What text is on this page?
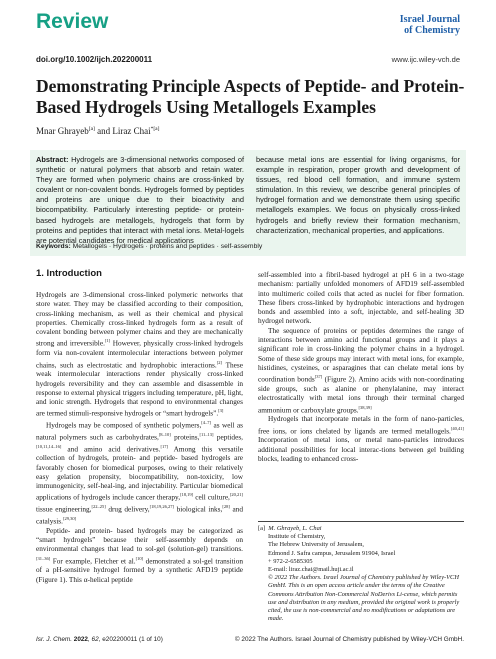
Review	Israel Journal
of Chemistry
doi.org/10.1002/ijch.202200011	www.ijc.wiley-vch.de
Demonstrating Principle Aspects of Peptide- and Protein-Based Hydrogels Using Metallogels Examples
Mnar Ghrayeb[a] and Liraz Chai$^{*[a]}$
Abstract: Hydrogels are 3-dimensional networks composed of synthetic or natural polymers that absorb and retain water. They are formed when polymeric chains are cross-linked by covalent or non-covalent bonds. Hydrogels formed by peptides and proteins are unique due to their bioactivity and biocompatibility. Particularly interesting peptide- or protein-based hydrogels are metallogels, hydrogels that form by proteins and peptides that interact with metal ions. Metal-logels are potential candidates for medical applications
because metal ions are essential for living organisms, for example in respiration, proper growth and development of tissues, red blood cell formation, and immune system stimulation. In this review, we describe general principles of hydrogel formation and we demonstrate them using specific metallogels examples. We focus on physically cross-linked hydrogels and briefly review their formation mechanism, characterization, mechanical properties, and applications.
Keywords: Metallogels · Hydrogels · proteins and peptides · self-assembly
1. Introduction

Hydrogels are 3-dimensional cross-linked polymeric networks that store water. They may be classified according to their composition, cross-linking mechanism, as well as their chemical and physical properties. Chemically cross-linked hydrogels form as a result of covalent bonding between polymer chains and they are mechanically strong and irreversible.[1] However, physically cross-linked hydrogels form via non-covalent intermolecular interactions between polymer chains, such as electrostatic and hydrophobic interactions.[2] These weak intermolecular interactions render physically cross-linked hydrogels reversibility and they can assemble and disassemble in response to external physical triggers including temperature, pH, light, and ionic strength. Hydrogels that respond to environmental changes are termed stimuli-responsive hydrogels or “smart hydrogels”.[3]

Hydrogels may be composed of synthetic polymers,[4–7] as well as natural polymers such as carbohydrates,[8–10] proteins,[11‒13] peptides,[10,11,14–16] and amino acid derivatives.[17] Among this versatile collection of hydrogels, protein- and peptide- based hydrogels are favorably chosen for biomedical purposes, owing to their relatively easy gelation propensity, biocompatibility, non-toxicity, low immunogenicity, self-heal-ing, and injectability. Particular biomedical applications of hydrogels include cancer therapy,[18,19] cell culture,[20,21] tissue engineering,[22–25] drug delivery,[18,19,26,27] biological inks,[28] and catalysis.[29,30]

Peptide- and protein- based hydrogels may be categorized as “smart hydrogels” because their self-assembly depends on environmental changes that lead to sol-gel (solution-gel) transitions.[31‒36] For example, Fletcher et al.[10] demonstrated a sol-gel transition of a pH-sensitive hydrogel formed by a synthetic AFD19 peptide (Figure 1). This α-helical peptide

self-assembled into a fibril-based hydrogel at pH 6 in a two-stage mechanism: partially unfolded monomers of AFD19 self-assembled into multimeric coiled coils that acted as nuclei for fiber formation. These fibers cross-linked by hydrophobic interactions and hydrogen bonds and assembled into a soft, injectable, and self-healing 3D hydrogel network.

The sequence of proteins or peptides determines the range of interactions between amino acid functional groups and it plays a significant role in cross-linking the polymer chains in a hydrogel. Some of these side groups may interact with metal ions, for example, histidines, cysteines, or asparagines that can chelate metal ions by coordination bonds[37] (Figure 2). Amino acids with non-coordinating side groups, such as alanine or phenylalanine, may interact electrostatically with metal ions through their terminal charged ammonium or carboxylate groups.[38,39]

Hydrogels that incorporate metals in the form of nano-particles, free ions, or ions chelated by ligands are termed metallogels.[40,41] Incorporation of metal ions, or metal nano-particles introduces additional possibilities for local interac-tions between gel building blocks, leading to enhanced cross-

[a] M. Ghrayeb, L. Chai
Institute of Chemistry,
The Hebrew University of Jerusalem,
Edmond J. Safra campus, Jerusalem 91904, Israel
+ 972-2-6585305
E-mail: liraz.chai@mail.huji.ac.il
© 2022 The Authors. Israel Journal of Chemistry published by Wiley-VCH GmbH. This is an open access article under the terms of the Creative Commons Attribution Non-Commercial NoDerivs Li-cense, which permits use and distribution in any medium, provided the original work is properly cited, the use is non-commercial and no modifications or adaptations are made.
Isr. J. Chem. 2022, 62, e202200011 (1 of 10)	© 2022 The Authors. Israel Journal of Chemistry published by Wiley-VCH GmbH.
